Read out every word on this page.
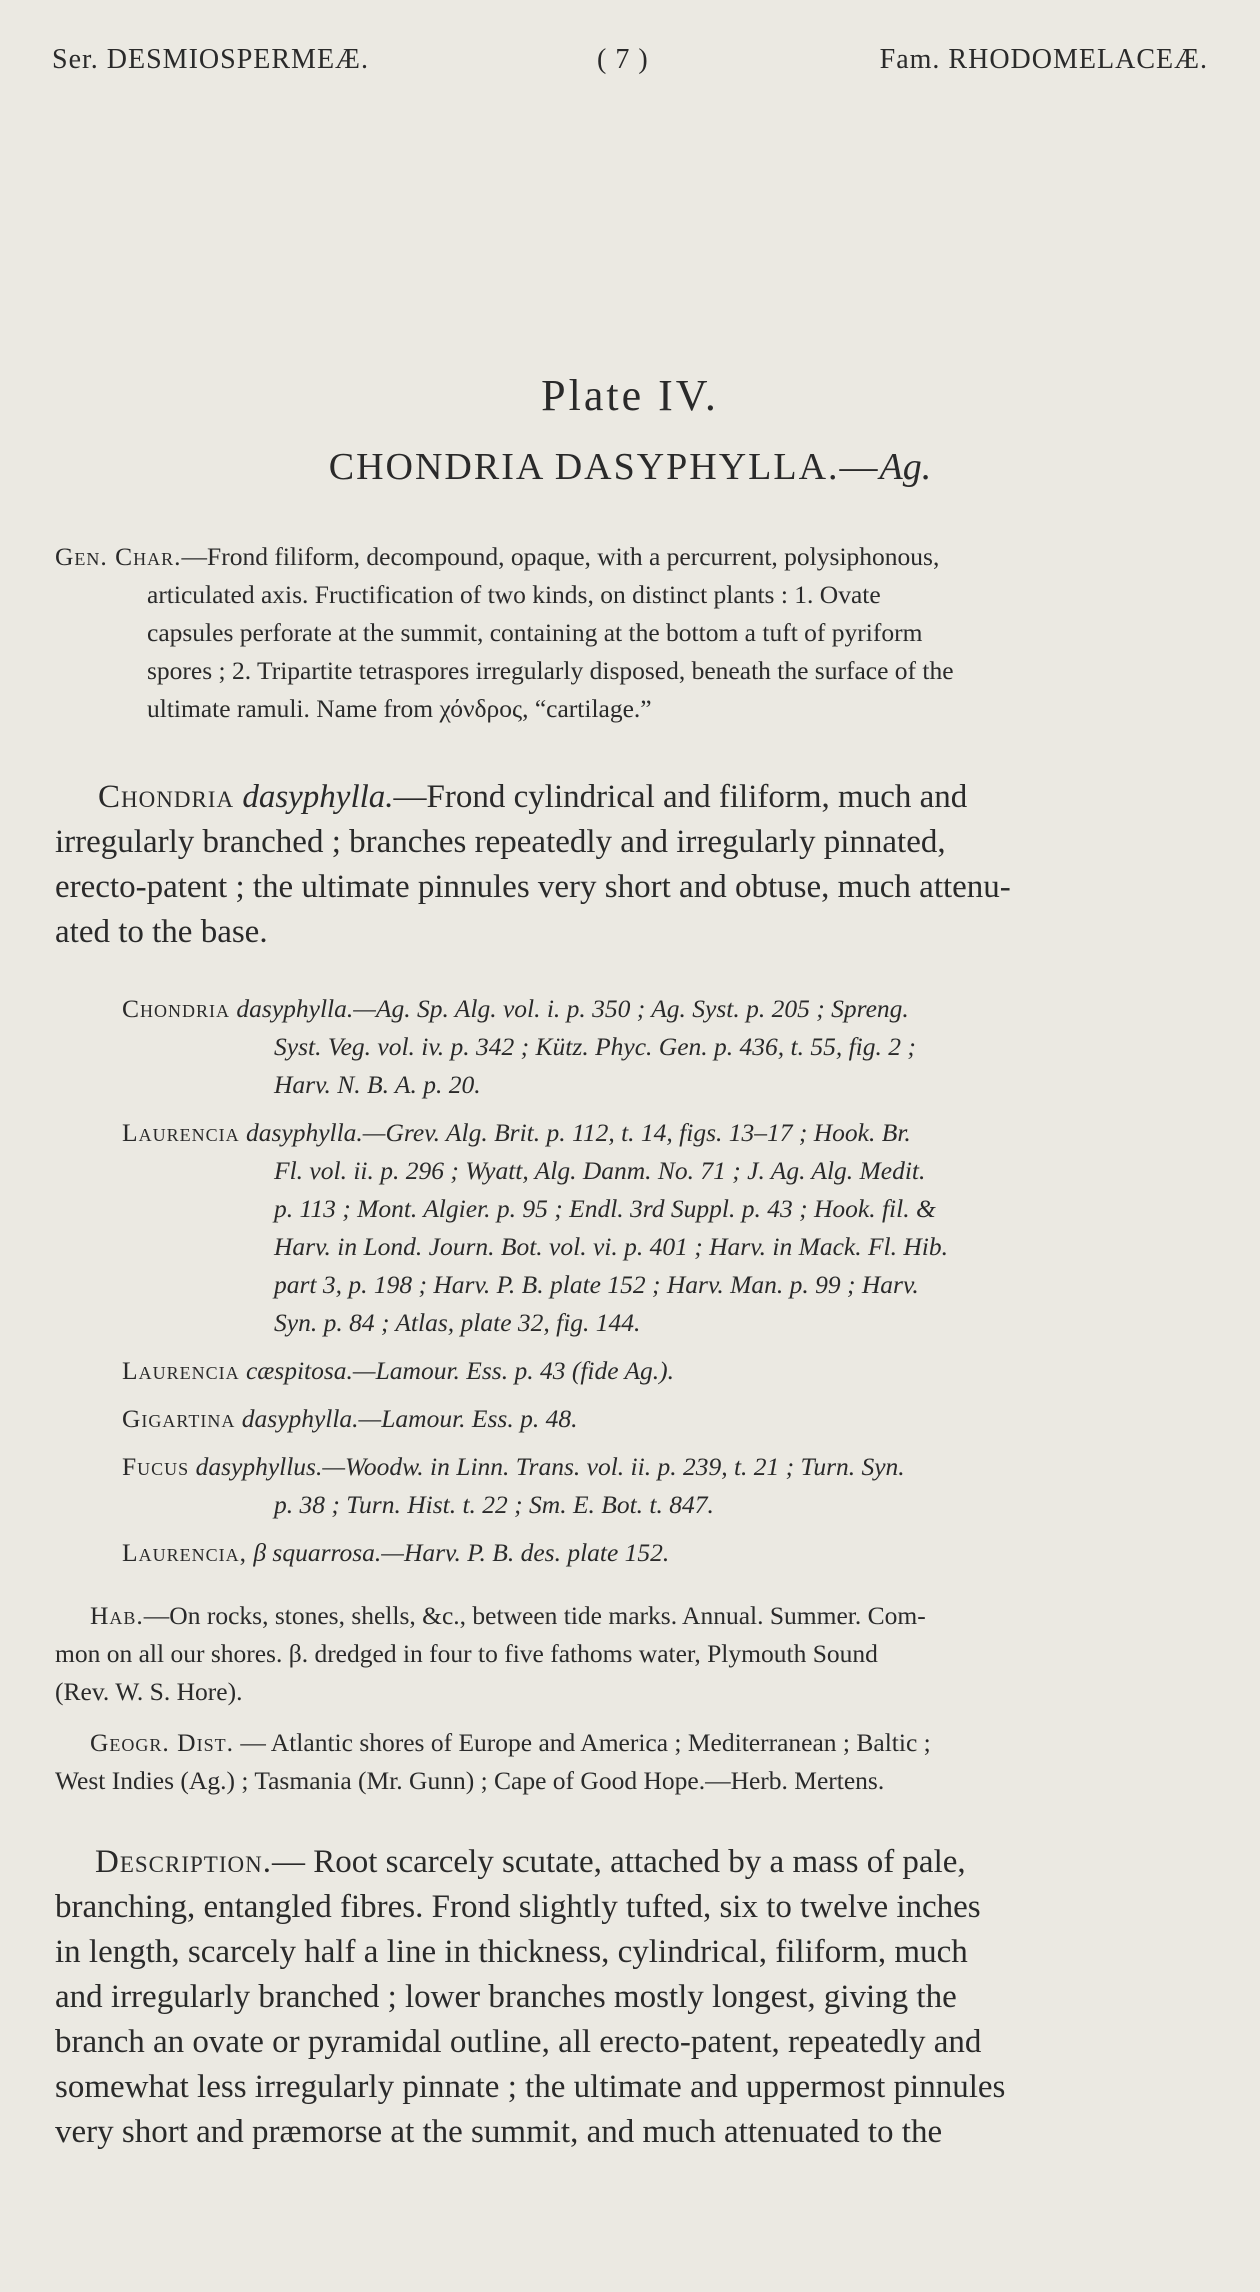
Ser. DESMIOSPERMEÆ.	( 7 )	Fam. RHODOMELACEÆ.
Plate IV.
CHONDRIA DASYPHYLLA.—Ag.
Gen. Char.—Frond filiform, decompound, opaque, with a percurrent, polysiphonous,
articulated axis. Fructification of two kinds, on distinct plants : 1. Ovate
capsules perforate at the summit, containing at the bottom a tuft of pyriform
spores ; 2. Tripartite tetraspores irregularly disposed, beneath the surface of the
ultimate ramuli. Name from χόνδρος, “cartilage.”
Chondria dasyphylla.—Frond cylindrical and filiform, much and
irregularly branched ; branches repeatedly and irregularly pinnated,
erecto-patent ; the ultimate pinnules very short and obtuse, much attenu-
ated to the base.

Chondria dasyphylla.—Ag. Sp. Alg. vol. i. p. 350 ; Ag. Syst. p. 205 ; Spreng.
Syst. Veg. vol. iv. p. 342 ; Kütz. Phyc. Gen. p. 436, t. 55, fig. 2 ;
Harv. N. B. A. p. 20.

Laurencia dasyphylla.—Grev. Alg. Brit. p. 112, t. 14, figs. 13–17 ; Hook. Br.
Fl. vol. ii. p. 296 ; Wyatt, Alg. Danm. No. 71 ; J. Ag. Alg. Medit.
p. 113 ; Mont. Algier. p. 95 ; Endl. 3rd Suppl. p. 43 ; Hook. fil. &
Harv. in Lond. Journ. Bot. vol. vi. p. 401 ; Harv. in Mack. Fl. Hib.
part 3, p. 198 ; Harv. P. B. plate 152 ; Harv. Man. p. 99 ; Harv.
Syn. p. 84 ; Atlas, plate 32, fig. 144.

Laurencia cæspitosa.—Lamour. Ess. p. 43 (fide Ag.).

Gigartina dasyphylla.—Lamour. Ess. p. 48.

Fucus dasyphyllus.—Woodw. in Linn. Trans. vol. ii. p. 239, t. 21 ; Turn. Syn.
p. 38 ; Turn. Hist. t. 22 ; Sm. E. Bot. t. 847.

Laurencia, β squarrosa.—Harv. P. B. des. plate 152.

Hab.—On rocks, stones, shells, &c., between tide marks. Annual. Summer. Com-
mon on all our shores. β. dredged in four to five fathoms water, Plymouth Sound
(Rev. W. S. Hore).
Geogr. Dist. — Atlantic shores of Europe and America ; Mediterranean ; Baltic ;
West Indies (Ag.) ; Tasmania (Mr. Gunn) ; Cape of Good Hope.—Herb. Mertens.
Description.— Root scarcely scutate, attached by a mass of pale,
branching, entangled fibres. Frond slightly tufted, six to twelve inches
in length, scarcely half a line in thickness, cylindrical, filiform, much
and irregularly branched ; lower branches mostly longest, giving the
branch an ovate or pyramidal outline, all erecto-patent, repeatedly and
somewhat less irregularly pinnate ; the ultimate and uppermost pinnules
very short and præmorse at the summit, and much attenuated to the
